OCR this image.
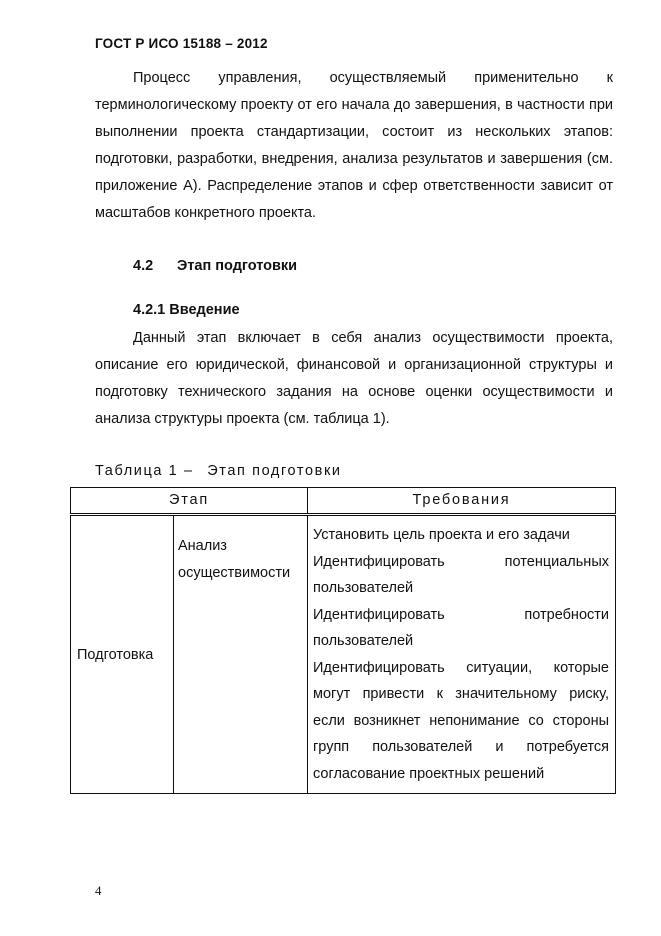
ГОСТ Р ИСО 15188 – 2012

Процесс управления, осуществляемый применительно к терминологическому проекту от его начала до завершения, в частности при выполнении проекта стандартизации, состоит из нескольких этапов: подготовки, разработки, внедрения, анализа результатов и завершения (см. приложение А). Распределение этапов и сфер ответственности зависит от масштабов конкретного проекта.

4.2 Этап подготовки
4.2.1 Введение

Данный этап включает в себя анализ осуществимости проекта, описание его юридической, финансовой и организационной структуры и подготовку технического задания на основе оценки осуществимости и анализа структуры проекта (см. таблица 1).

Таблица 1 – Этап подготовки
Этап		Требования
Подготовка	Анализ осуществимости	Установить цель проекта и его задачи
Идентифицировать потенциальных пользователей
Идентифицировать потребности пользователей
Идентифицировать ситуации, которые могут привести к значительному риску, если возникнет непонимание со стороны групп пользователей и потребуется согласование проектных решений
4
